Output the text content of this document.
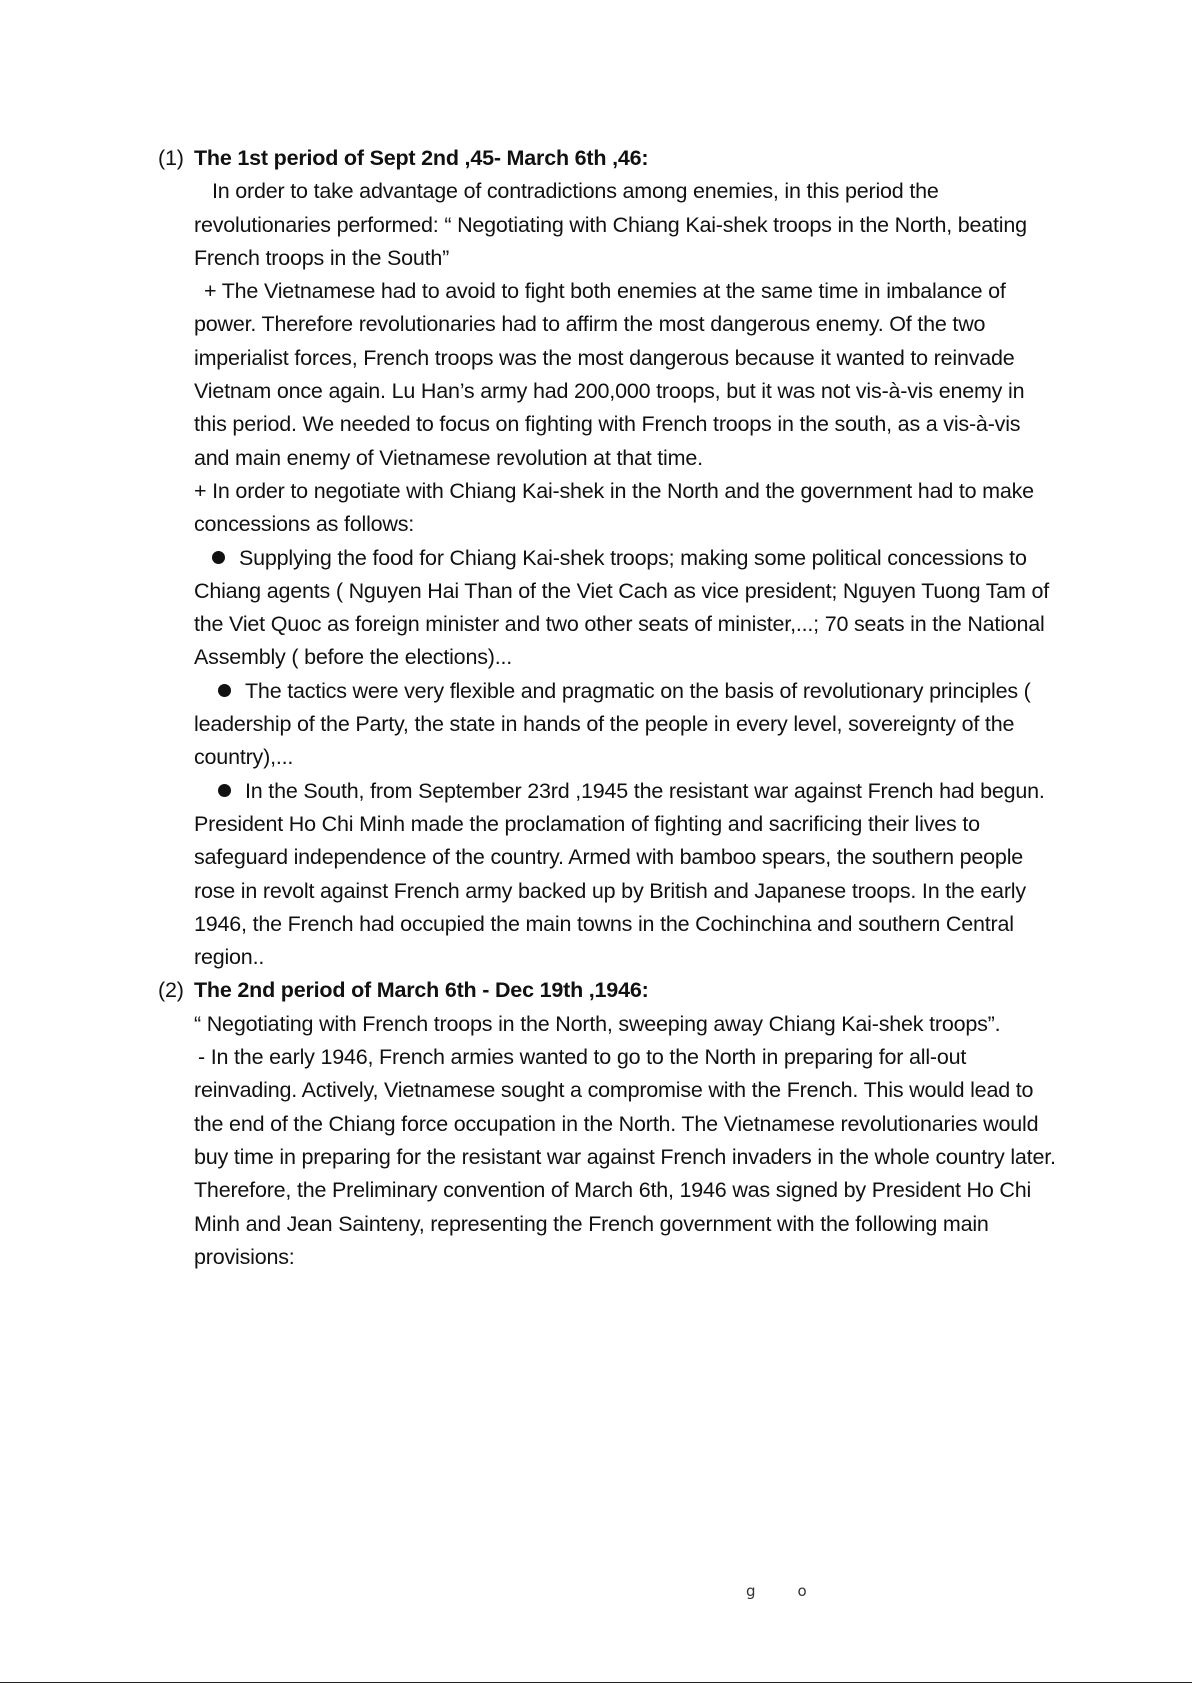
(1) The 1st period of Sept 2nd ,45- March 6th ,46:

In order to take advantage of contradictions among enemies, in this period the revolutionaries performed: “ Negotiating with Chiang Kai-shek troops in the North, beating French troops in the South”

+ The Vietnamese had to avoid to fight both enemies at the same time in imbalance of power. Therefore revolutionaries had to affirm the most dangerous enemy. Of the two imperialist forces, French troops was the most dangerous because it wanted to reinvade Vietnam once again. Lu Han’s army had 200,000 troops, but it was not vis-à-vis enemy in this period. We needed to focus on fighting with French troops in the south, as a vis-à-vis and main enemy of Vietnamese revolution at that time.

+ In order to negotiate with Chiang Kai-shek in the North and the government had to make concessions as follows:

Supplying the food for Chiang Kai-shek troops; making some political concessions to Chiang agents ( Nguyen Hai Than of the Viet Cach as vice president; Nguyen Tuong Tam of the Viet Quoc as foreign minister and two other seats of minister,...; 70 seats in the National Assembly ( before the elections)...

The tactics were very flexible and pragmatic on the basis of revolutionary principles ( leadership of the Party, the state in hands of the people in every level, sovereignty of the country),...

In the South, from September 23rd ,1945 the resistant war against French had begun. President Ho Chi Minh made the proclamation of fighting and sacrificing their lives to safeguard independence of the country. Armed with bamboo spears, the southern people rose in revolt against French army backed up by British and Japanese troops. In the early 1946, the French had occupied the main towns in the Cochinchina and southern Central region..

(2) The 2nd period of March 6th - Dec 19th ,1946:

“ Negotiating with French troops in the North, sweeping away Chiang Kai-shek troops”.

- In the early 1946, French armies wanted to go to the North in preparing for all-out reinvading. Actively, Vietnamese sought a compromise with the French. This would lead to the end of the Chiang force occupation in the North. The Vietnamese revolutionaries would buy time in preparing for the resistant war against French invaders in the whole country later.

Therefore, the Preliminary convention of March 6th, 1946 was signed by President Ho Chi Minh and Jean Sainteny, representing the French government with the following main provisions:

g	o
